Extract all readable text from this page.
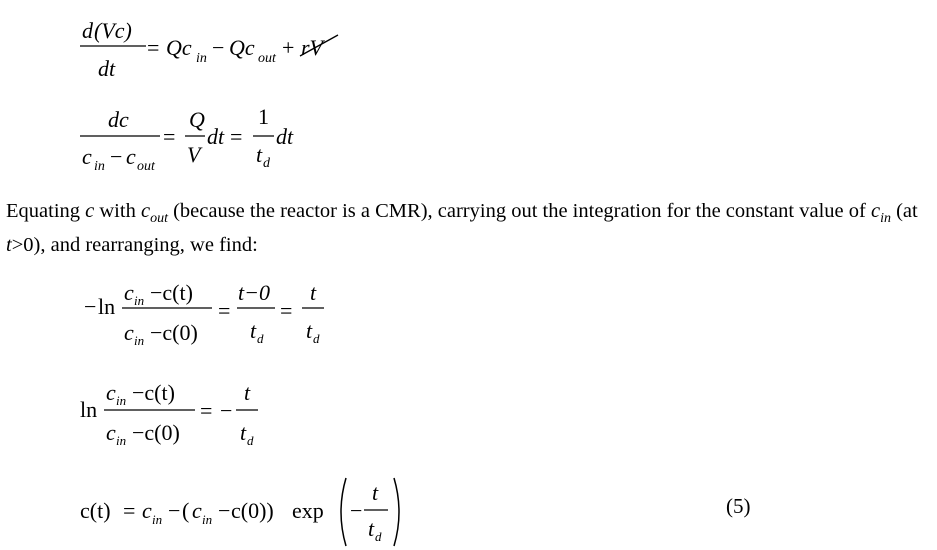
d (Vc)
dt
= Qc in − Qc out + rV
dc
c in − c out
=
Q
V
dt =
1
t d
dt
− ln
c in −c(t)
c in −c(0)
=
t−0
t d
=
t
t d
ln
c in −c(t)
c in −c(0)
= −
t
t d
c(t) = c in − ( c in − c(0)) exp −
t
t d
Equating c with $c_{out}$ (because the reactor is a CMR), carrying out the integration for the constant value of $c_{in}$ (at t>0), and rearranging, we find:
(5)
